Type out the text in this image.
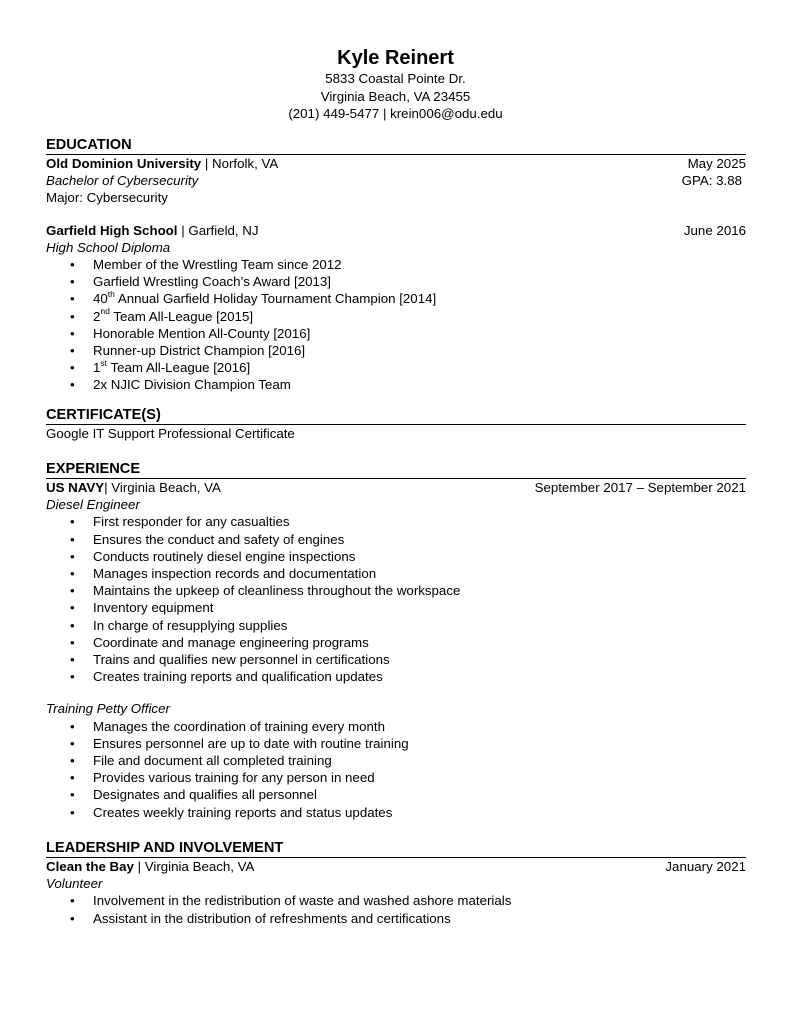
Kyle Reinert
5833 Coastal Pointe Dr.
Virginia Beach, VA 23455
(201) 449-5477 | krein006@odu.edu
EDUCATION
Old Dominion University | Norfolk, VA	May 2025
Bachelor of Cybersecurity	GPA: 3.88
Major: Cybersecurity
Garfield High School | Garfield, NJ	June 2016
High School Diploma
• Member of the Wrestling Team since 2012
• Garfield Wrestling Coach’s Award [2013]
• 40th Annual Garfield Holiday Tournament Champion [2014]
• 2nd Team All-League [2015]
• Honorable Mention All-County [2016]
• Runner-up District Champion [2016]
• 1st Team All-League [2016]
• 2x NJIC Division Champion Team
CERTIFICATE(S)
Google IT Support Professional Certificate
EXPERIENCE
US NAVY| Virginia Beach, VA	September 2017 – September 2021
Diesel Engineer
• First responder for any casualties
• Ensures the conduct and safety of engines
• Conducts routinely diesel engine inspections
• Manages inspection records and documentation
• Maintains the upkeep of cleanliness throughout the workspace
• Inventory equipment
• In charge of resupplying supplies
• Coordinate and manage engineering programs
• Trains and qualifies new personnel in certifications
• Creates training reports and qualification updates
Training Petty Officer
• Manages the coordination of training every month
• Ensures personnel are up to date with routine training
• File and document all completed training
• Provides various training for any person in need
• Designates and qualifies all personnel
• Creates weekly training reports and status updates
LEADERSHIP AND INVOLVEMENT
Clean the Bay | Virginia Beach, VA	January 2021
Volunteer
• Involvement in the redistribution of waste and washed ashore materials
• Assistant in the distribution of refreshments and certifications
